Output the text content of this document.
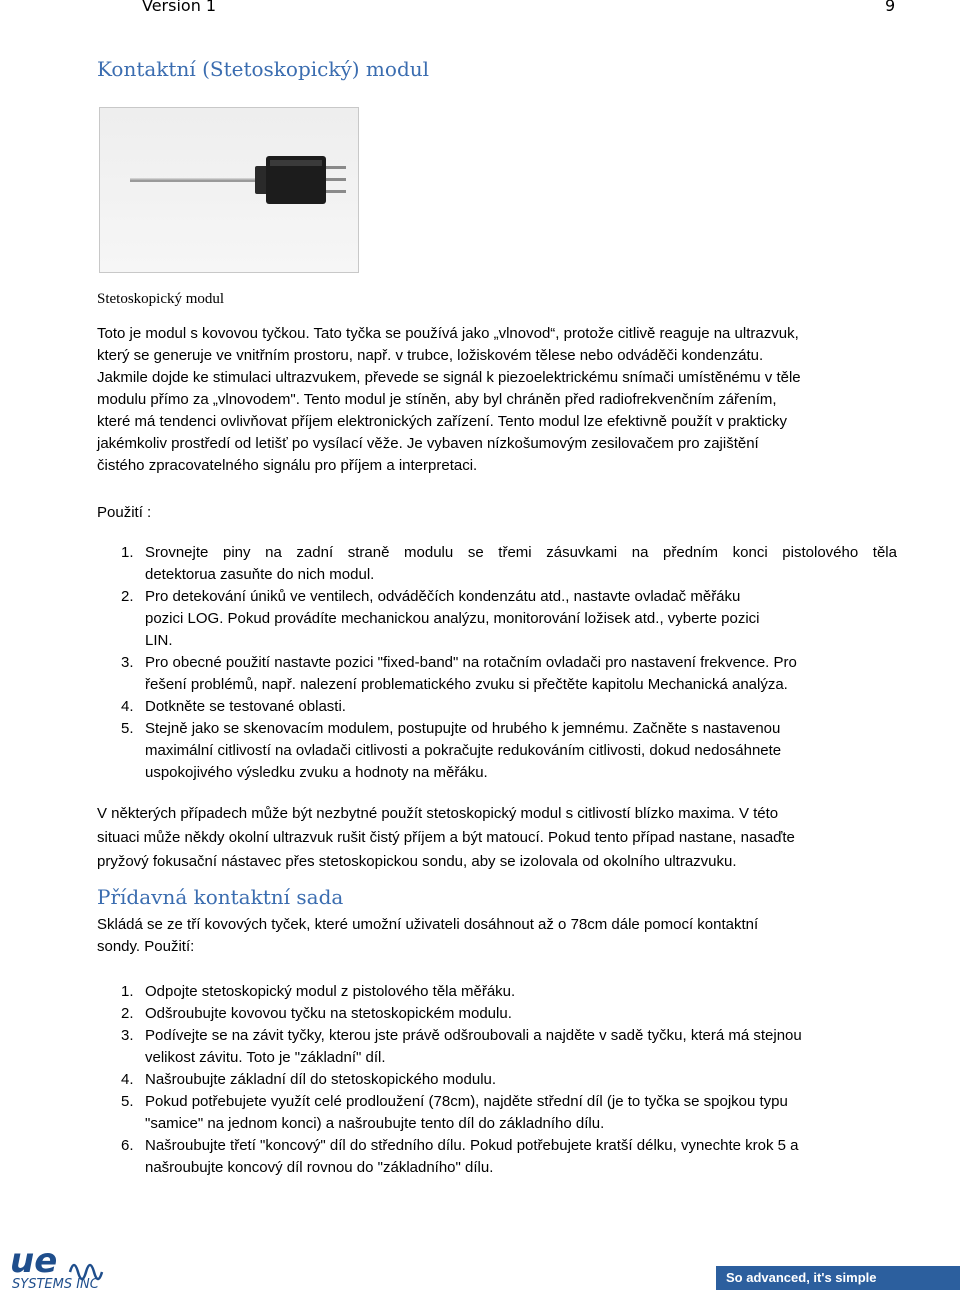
Version 1	9
Kontaktní (Stetoskopický) modul
Stetoskopický modul
Toto je modul s kovovou tyčkou. Tato tyčka se používá jako „vlnovod“, protože citlivě reaguje na ultrazvuk,
který se generuje ve vnitřním prostoru, např. v trubce, ložiskovém tělese nebo odváděči kondenzátu.
Jakmile dojde ke stimulaci ultrazvukem, převede se signál k piezoelektrickému snímači umístěnému v těle
modulu přímo za „vlnovodem". Tento modul je stíněn, aby byl chráněn před radiofrekvenčním zářením,
které má tendenci ovlivňovat příjem elektronických zařízení. Tento modul lze efektivně použít v prakticky
jakémkoliv prostředí od letišť po vysílací věže. Je vybaven nízkošumovým zesilovačem pro zajištění
čistého zpracovatelného signálu pro příjem a interpretaci.
Použití :
1. Srovnejte piny na zadní straně modulu se třemi zásuvkami na předním konci pistolového těla
detektorua zasuňte do nich modul.
2. Pro detekování úniků ve ventilech, odváděčích kondenzátu atd., nastavte ovladač měřáku
pozici LOG. Pokud provádíte mechanickou analýzu, monitorování ložisek atd., vyberte pozici
LIN.
3. Pro obecné použití nastavte pozici "fixed-band" na rotačním ovladači pro nastavení frekvence. Pro
řešení problémů, např. nalezení problematického zvuku si přečtěte kapitolu Mechanická analýza.
4. Dotkněte se testované oblasti.
5. Stejně jako se skenovacím modulem, postupujte od hrubého k jemnému. Začněte s nastavenou
maximální citlivostí na ovladači citlivosti a pokračujte redukováním citlivosti, dokud nedosáhnete
uspokojivého výsledku zvuku a hodnoty na měřáku.
V některých případech může být nezbytné použít stetoskopický modul s citlivostí blízko maxima. V této
situaci může někdy okolní ultrazvuk rušit čistý příjem a být matoucí. Pokud tento případ nastane, nasaďte
pryžový fokusační nástavec přes stetoskopickou sondu, aby se izolovala od okolního ultrazvuku.
Přídavná kontaktní sada
Skládá se ze tří kovových tyček, které umožní uživateli dosáhnout až o 78cm dále pomocí kontaktní
sondy. Použití:
1. Odpojte stetoskopický modul z pistolového těla měřáku.
2. Odšroubujte kovovou tyčku na stetoskopickém modulu.
3. Podívejte se na závit tyčky, kterou jste právě odšroubovali a najděte v sadě tyčku, která má stejnou
velikost závitu. Toto je "základní" díl.
4. Našroubujte základní díl do stetoskopického modulu.
5. Pokud potřebujete využít celé prodloužení (78cm), najděte střední díl (je to tyčka se spojkou typu
"samice" na jednom konci) a našroubujte tento díl do základního dílu.
6. Našroubujte třetí "koncový" díl do středního dílu. Pokud potřebujete kratší délku, vynechte krok 5 a
našroubujte koncový díl rovnou do "základního" dílu.
ue
SYSTEMS INC	So advanced, it's simple
